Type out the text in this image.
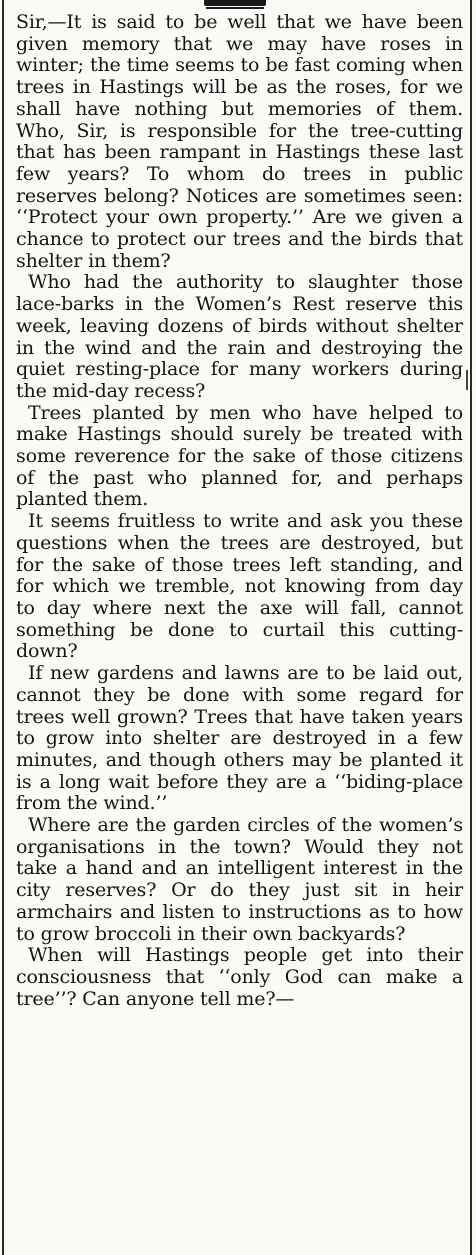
Sir,—It is said to be well that we have been given memory that we may have roses in winter; the time seems to be fast coming when trees in Hastings will be as the roses, for we shall have nothing but memories of them. Who, Sir, is responsible for the tree-cutting that has been rampant in Hastings these last few years? To whom do trees in public reserves belong? Notices are sometimes seen: ‘‘Protect your own property.’’ Are we given a chance to protect our trees and the birds that shelter in them?

Who had the authority to slaughter those lace-barks in the Women’s Rest reserve this week, leaving dozens of birds without shelter in the wind and the rain and destroying the quiet resting-place for many workers during the mid-day recess?

Trees planted by men who have helped to make Hastings should surely be treated with some reverence for the sake of those citizens of the past who planned for, and perhaps planted them.

It seems fruitless to write and ask you these questions when the trees are destroyed, but for the sake of those trees left standing, and for which we tremble, not knowing from day to day where next the axe will fall, cannot something be done to curtail this cutting-down?

If new gardens and lawns are to be laid out, cannot they be done with some regard for trees well grown? Trees that have taken years to grow into shelter are destroyed in a few minutes, and though others may be planted it is a long wait before they are a ‘‘biding-place from the wind.’’

Where are the garden circles of the women’s organisations in the town? Would they not take a hand and an intelligent interest in the city reserves? Or do they just sit in heir armchairs and listen to instructions as to how to grow broccoli in their own backyards?

When will Hastings people get into their consciousness that ‘‘only God can make a tree’’? Can anyone tell me?—
